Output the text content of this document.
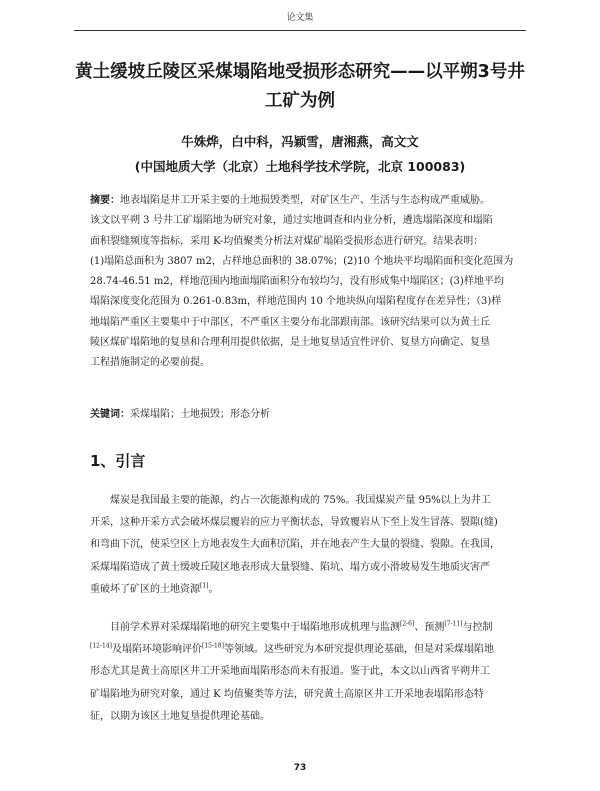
论文集
黄土缓坡丘陵区采煤塌陷地受损形态研究——以平朔3号井
工矿为例
牛姝烨，白中科，冯颖雪，唐湘燕，高文文
(中国地质大学（北京）土地科学技术学院，北京 100083)
摘要：地表塌陷是井工开采主要的土地损毁类型，对矿区生产、生活与生态构成严重威胁。
该文以平朔 3 号井工矿塌陷地为研究对象，通过实地调查和内业分析，遴选塌陷深度和塌陷
面积裂缝频度等指标，采用 K-均值聚类分析法对煤矿塌陷受损形态进行研究。结果表明：
(1)塌陷总面积为 3807 m2，占样地总面积的 38.07%；(2)10 个地块平均塌陷面积变化范围为
28.74-46.51 m2，样地范围内地面塌陷面积分布较均匀，没有形成集中塌陷区；(3)样地平均
塌陷深度变化范围为 0.261-0.83m，样地范围内 10 个地块纵向塌陷程度存在差异性；（3)样
地塌陷严重区主要集中于中部区，不严重区主要分布北部跟南部。该研究结果可以为黄土丘
陵区煤矿塌陷地的复垦和合理利用提供依据，是土地复垦适宜性评价、复垦方向确定、复垦
工程措施制定的必要前提。
关键词：采煤塌陷；土地损毁；形态分析
1、引言
煤炭是我国最主要的能源，约占一次能源构成的 75%。我国煤炭产量 95%以上为井工
开采，这种开采方式会破坏煤层覆岩的应力平衡状态，导致覆岩从下至上发生冒落、裂隙(缝)
和弯曲下沉，使采空区上方地表发生大面积沉陷，并在地表产生大量的裂缝、裂隙。在我国，
采煤塌陷造成了黄土缓坡丘陵区地表形成大量裂缝、陷坑、塌方或小滑坡易发生地质灾害严
重破坏了矿区的土地资源[1]。
目前学术界对采煤塌陷地的研究主要集中于塌陷地形成机理与监测[2-6]、预测[7-11]与控制
[12-14]及塌陷环境影响评价[15-18]等领域。这些研究为本研究提供理论基础，但是对采煤塌陷地
形态尤其是黄土高原区井工开采地面塌陷形态尚未有报道。鉴于此，本文以山西省平朔井工
矿塌陷地为研究对象，通过 K 均值聚类等方法，研究黄土高原区井工开采地表塌陷形态特
征，以期为该区土地复垦提供理论基础。
73
